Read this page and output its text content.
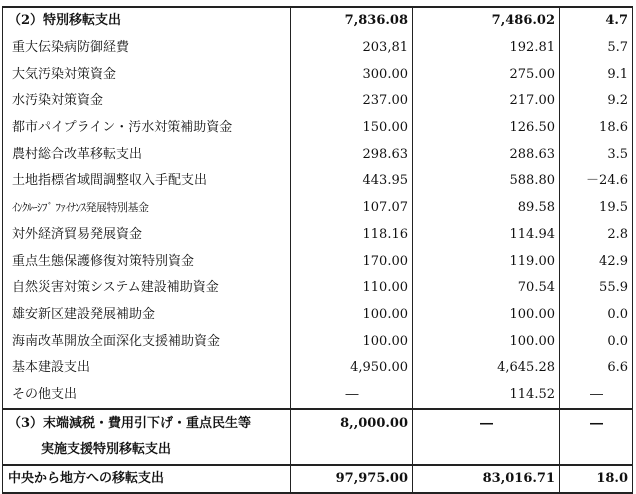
（2）特別移転支出	7,836.08	7,486.02	4.7
重大伝染病防御経費	203,81	192.81	5.7
大気汚染対策資金	300.00	275.00	9.1
水汚染対策資金	237.00	217.00	9.2
都市パイプライン・汚水対策補助資金	150.00	126.50	18.6
農村総合改革移転支出	298.63	288.63	3.5
土地指標省域間調整収入手配支出	443.95	588.80	－24.6
ｲﾝｸﾙｰｼﾌﾞ ﾌｧｲﾅﾝｽ発展特別基金	107.07	89.58	19.5
対外経済貿易発展資金	118.16	114.94	2.8
重点生態保護修復対策特別資金	170.00	119.00	42.9
自然災害対策システム建設補助資金	110.00	70.54	55.9
雄安新区建設発展補助金	100.00	100.00	0.0
海南改革開放全面深化支援補助資金	100.00	100.00	0.0
基本建設支出	4,950.00	4,645.28	6.6
その他支出	―	114.52	―
（3）末端減税・費用引下げ・重点民生等	8,,000.00	―	―
実施支援特別移転支出			
中央から地方への移転支出	97,975.00	83,016.71	18.0
